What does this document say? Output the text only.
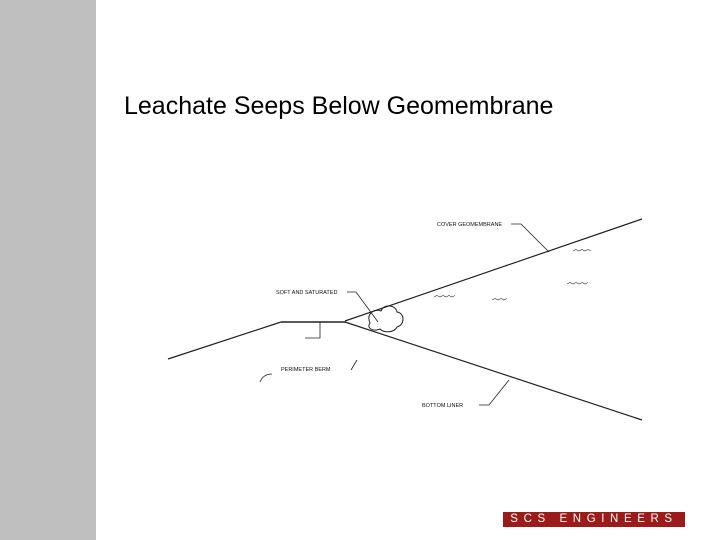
Leachate Seeps Below Geomembrane
COVER GEOMEMBRANE
SOFT AND SATURATED
PERIMETER BERM
BOTTOM LINER
SCS ENGINEERS
